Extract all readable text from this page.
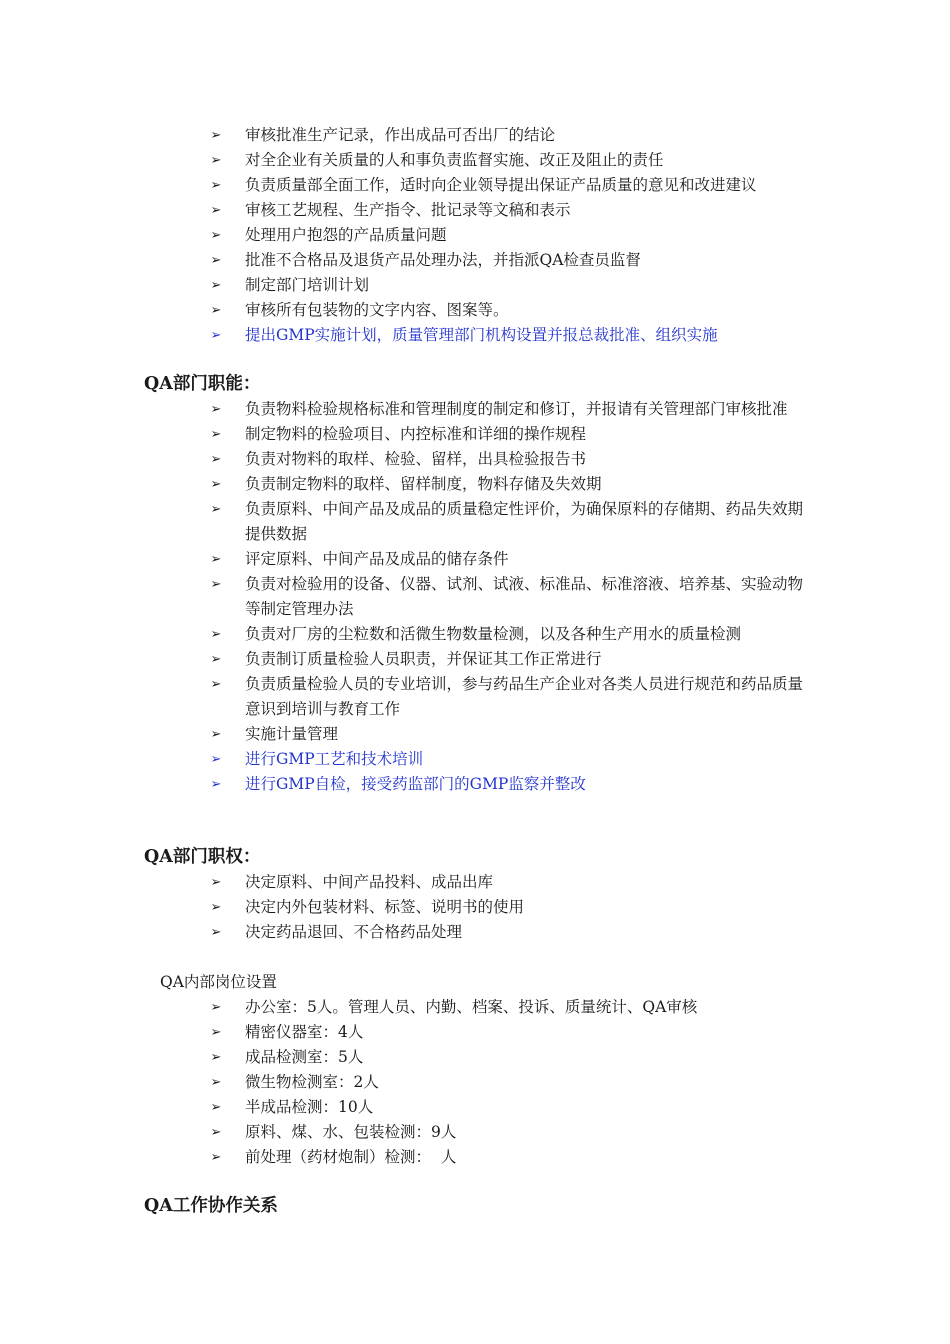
➢ 审核批准生产记录，作出成品可否出厂的结论
➢ 对全企业有关质量的人和事负责监督实施、改正及阻止的责任
➢ 负责质量部全面工作，适时向企业领导提出保证产品质量的意见和改进建议
➢ 审核工艺规程、生产指令、批记录等文稿和表示
➢ 处理用户抱怨的产品质量问题
➢ 批准不合格品及退货产品处理办法，并指派QA检查员监督
➢ 制定部门培训计划
➢ 审核所有包装物的文字内容、图案等。
➢ 提出GMP实施计划，质量管理部门机构设置并报总裁批准、组织实施
QA部门职能：
➢ 负责物料检验规格标准和管理制度的制定和修订，并报请有关管理部门审核批准
➢ 制定物料的检验项目、内控标准和详细的操作规程
➢ 负责对物料的取样、检验、留样，出具检验报告书
➢ 负责制定物料的取样、留样制度，物料存储及失效期
➢ 负责原料、中间产品及成品的质量稳定性评价，为确保原料的存储期、药品失效期提供数据
➢ 评定原料、中间产品及成品的储存条件
➢ 负责对检验用的设备、仪器、试剂、试液、标准品、标准溶液、培养基、实验动物等制定管理办法
➢ 负责对厂房的尘粒数和活微生物数量检测，以及各种生产用水的质量检测
➢ 负责制订质量检验人员职责，并保证其工作正常进行
➢ 负责质量检验人员的专业培训，参与药品生产企业对各类人员进行规范和药品质量意识到培训与教育工作
➢ 实施计量管理
➢ 进行GMP工艺和技术培训
➢ 进行GMP自检，接受药监部门的GMP监察并整改
QA部门职权：
➢ 决定原料、中间产品投料、成品出库
➢ 决定内外包装材料、标签、说明书的使用
➢ 决定药品退回、不合格药品处理
QA内部岗位设置
➢ 办公室：5人。管理人员、内勤、档案、投诉、质量统计、QA审核
➢ 精密仪器室：4人
➢ 成品检测室：5人
➢ 微生物检测室：2人
➢ 半成品检测：10人
➢ 原料、煤、水、包装检测：9人
➢ 前处理（药材炮制）检测：  人
QA工作协作关系
